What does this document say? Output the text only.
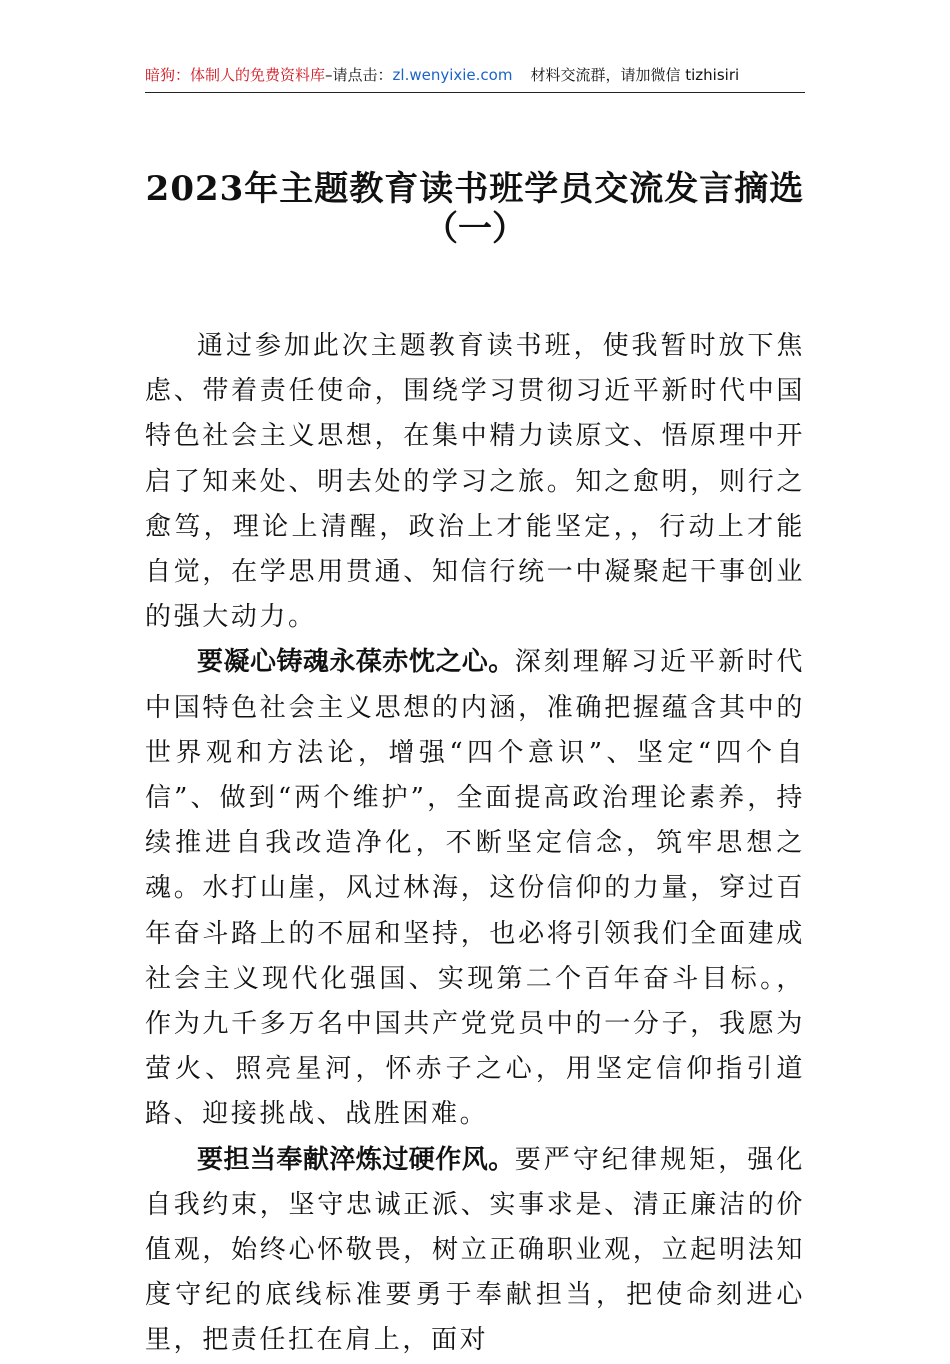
暗狗：体制人的免费资料库–请点击：zl.wenyixie.com 材料交流群，请加微信 tizhisiri
2023年主题教育读书班学员交流发言摘选
（一）

通过参加此次主题教育读书班，使我暂时放下焦虑、带着责任使命，围绕学习贯彻习近平新时代中国特色社会主义思想，在集中精力读原文、悟原理中开启了知来处、明去处的学习之旅。知之愈明，则行之愈笃，理论上清醒，政治上才能坚定，，行动上才能自觉，在学思用贯通、知信行统一中凝聚起干事创业的强大动力。

要凝心铸魂永葆赤忱之心。深刻理解习近平新时代中国特色社会主义思想的内涵，准确把握蕴含其中的世界观和方法论，增强“四个意识”、坚定“四个自信”、做到“两个维护”，全面提高政治理论素养，持续推进自我改造净化，不断坚定信念，筑牢思想之魂。水打山崖，风过林海，这份信仰的力量，穿过百年奋斗路上的不屈和坚持，也必将引领我们全面建成社会主义现代化强国、实现第二个百年奋斗目标。，作为九千多万名中国共产党党员中的一分子，我愿为萤火、照亮星河，怀赤子之心，用坚定信仰指引道路、迎接挑战、战胜困难。

要担当奉献淬炼过硬作风。要严守纪律规矩，强化自我约束，坚守忠诚正派、实事求是、清正廉洁的价值观，始终心怀敬畏，树立正确职业观，立起明法知度守纪的底线标准要勇于奉献担当，把使命刻进心里，把责任扛在肩上，面对
